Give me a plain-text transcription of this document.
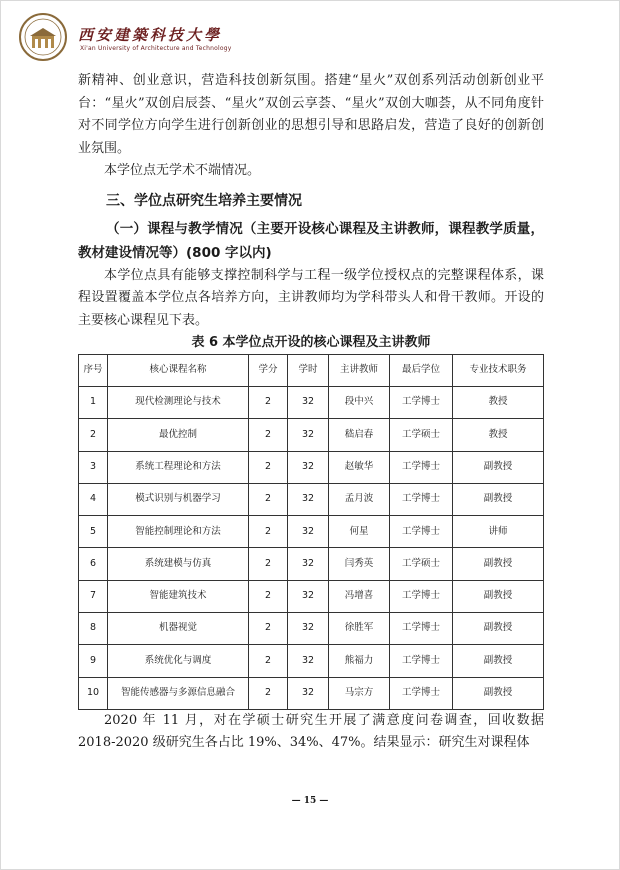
西安建築科技大學
Xi'an University of Architecture and Technology

新精神、创业意识，营造科技创新氛围。搭建“星火”双创系列活动创新创业平台：“星火”双创启辰荟、“星火”双创云享荟、“星火”双创大咖荟，从不同角度针对不同学位方向学生进行创新创业的思想引导和思路启发，营造了良好的创新创业氛围。

本学位点无学术不端情况。

三、学位点研究生培养主要情况

（一）课程与教学情况（主要开设核心课程及主讲教师，课程教学质量，教材建设情况等）(800 字以内)

本学位点具有能够支撑控制科学与工程一级学位授权点的完整课程体系，课程设置覆盖本学位点各培养方向，主讲教师均为学科带头人和骨干教师。开设的主要核心课程见下表。

表 6 本学位点开设的核心课程及主讲教师
序号	核心课程名称	学分	学时	主讲教师	最后学位	专业技术职务
1	现代检测理论与技术	2	32	段中兴	工学博士	教授
2	最优控制	2	32	嵇启春	工学硕士	教授
3	系统工程理论和方法	2	32	赵敏华	工学博士	副教授
4	模式识别与机器学习	2	32	孟月波	工学博士	副教授
5	智能控制理论和方法	2	32	何星	工学博士	讲师
6	系统建模与仿真	2	32	闫秀英	工学硕士	副教授
7	智能建筑技术	2	32	冯增喜	工学博士	副教授
8	机器视觉	2	32	徐胜军	工学博士	副教授
9	系统优化与调度	2	32	熊福力	工学博士	副教授
10	智能传感器与多源信息融合	2	32	马宗方	工学博士	副教授

2020 年 11 月，对在学硕士研究生开展了满意度问卷调查，回收数据 2018-2020 级研究生各占比 19%、34%、47%。结果显示：研究生对课程体

— 15 —
